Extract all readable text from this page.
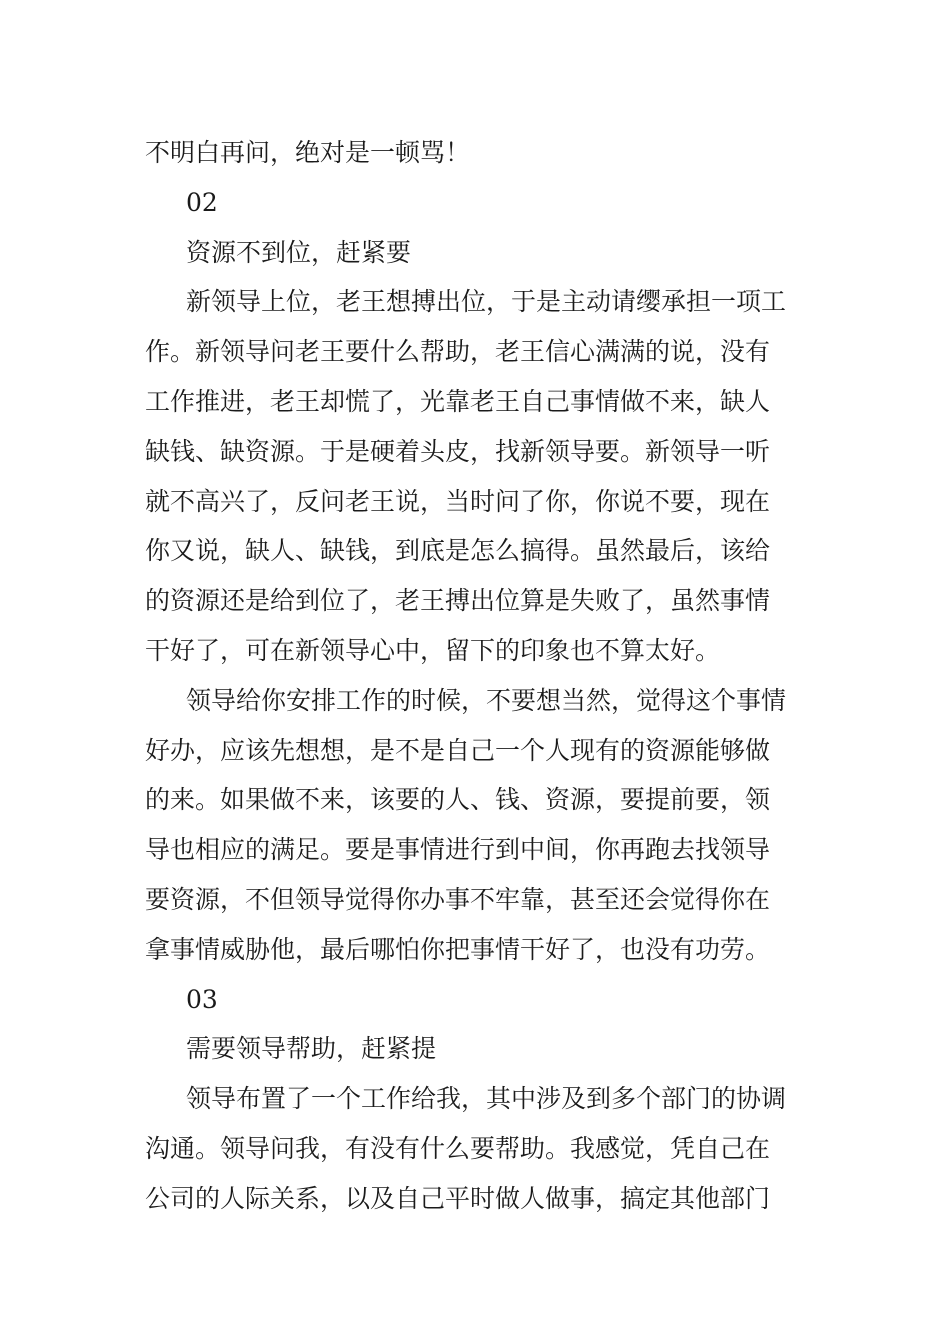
不明白再问，绝对是一顿骂！

02

资源不到位，赶紧要

新领导上位，老王想搏出位，于是主动请缨承担一项工

作。新领导问老王要什么帮助，老王信心满满的说，没有

工作推进，老王却慌了，光靠老王自己事情做不来，缺人

缺钱、缺资源。于是硬着头皮，找新领导要。新领导一听

就不高兴了，反问老王说，当时问了你，你说不要，现在

你又说，缺人、缺钱，到底是怎么搞得。虽然最后，该给

的资源还是给到位了，老王搏出位算是失败了，虽然事情

干好了，可在新领导心中，留下的印象也不算太好。

领导给你安排工作的时候，不要想当然，觉得这个事情

好办，应该先想想，是不是自己一个人现有的资源能够做

的来。如果做不来，该要的人、钱、资源，要提前要，领

导也相应的满足。要是事情进行到中间，你再跑去找领导

要资源，不但领导觉得你办事不牢靠，甚至还会觉得你在

拿事情威胁他，最后哪怕你把事情干好了，也没有功劳。

03

需要领导帮助，赶紧提

领导布置了一个工作给我，其中涉及到多个部门的协调

沟通。领导问我，有没有什么要帮助。我感觉，凭自己在

公司的人际关系，以及自己平时做人做事，搞定其他部门
